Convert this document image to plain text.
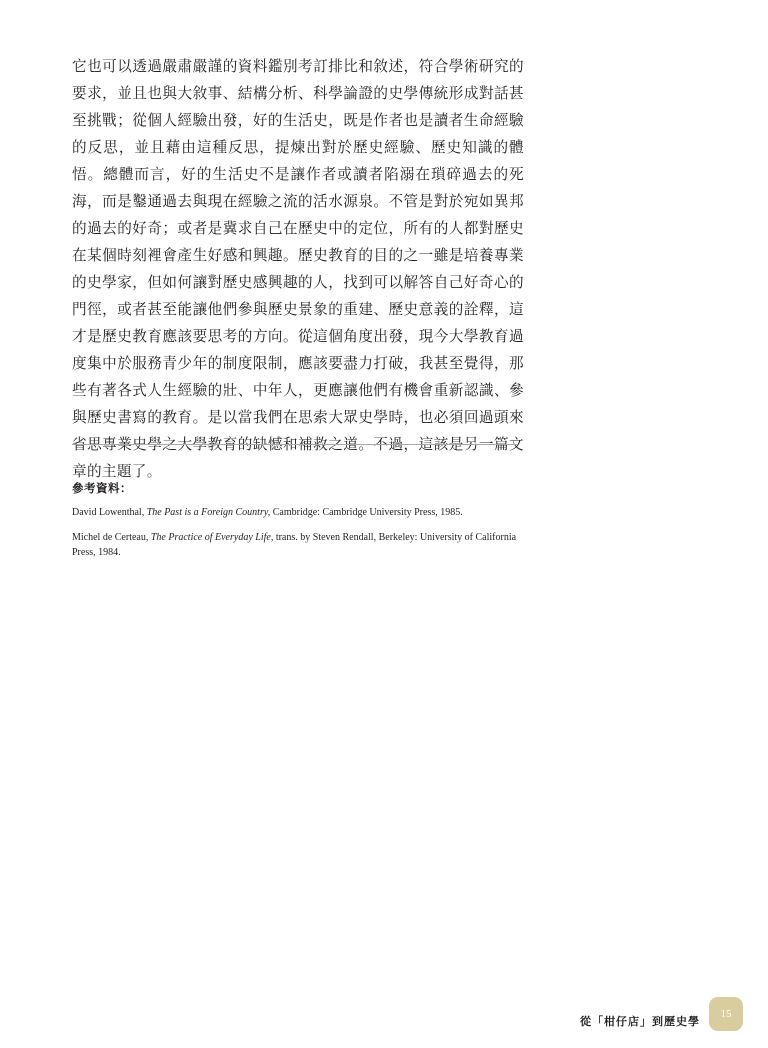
它也可以透過嚴肅嚴謹的資料鑑別考訂排比和敘述，符合學術研究的要求，並且也與大敘事、結構分析、科學論證的史學傳統形成對話甚至挑戰；從個人經驗出發，好的生活史，既是作者也是讀者生命經驗的反思，並且藉由這種反思，提煉出對於歷史經驗、歷史知識的體悟。總體而言，好的生活史不是讓作者或讀者陷溺在瑣碎過去的死海，而是鑿通過去與現在經驗之流的活水源泉。不管是對於宛如異邦的過去的好奇；或者是冀求自己在歷史中的定位，所有的人都對歷史在某個時刻裡會產生好感和興趣。歷史教育的目的之一雖是培養專業的史學家，但如何讓對歷史感興趣的人，找到可以解答自己好奇心的門徑，或者甚至能讓他們參與歷史景象的重建、歷史意義的詮釋，這才是歷史教育應該要思考的方向。從這個角度出發，現今大學教育過度集中於服務青少年的制度限制，應該要盡力打破，我甚至覺得，那些有著各式人生經驗的壯、中年人，更應讓他們有機會重新認識、參與歷史書寫的教育。是以當我們在思索大眾史學時，也必須回過頭來省思專業史學之大學教育的缺憾和補救之道。不過，這該是另一篇文章的主題了。

參考資料：
David Lowenthal, The Past is a Foreign Country, Cambridge: Cambridge University Press, 1985.
Michel de Certeau, The Practice of Everyday Life, trans. by Steven Rendall, Berkeley: University of California Press, 1984.
從「柑仔店」到歷史學
15
